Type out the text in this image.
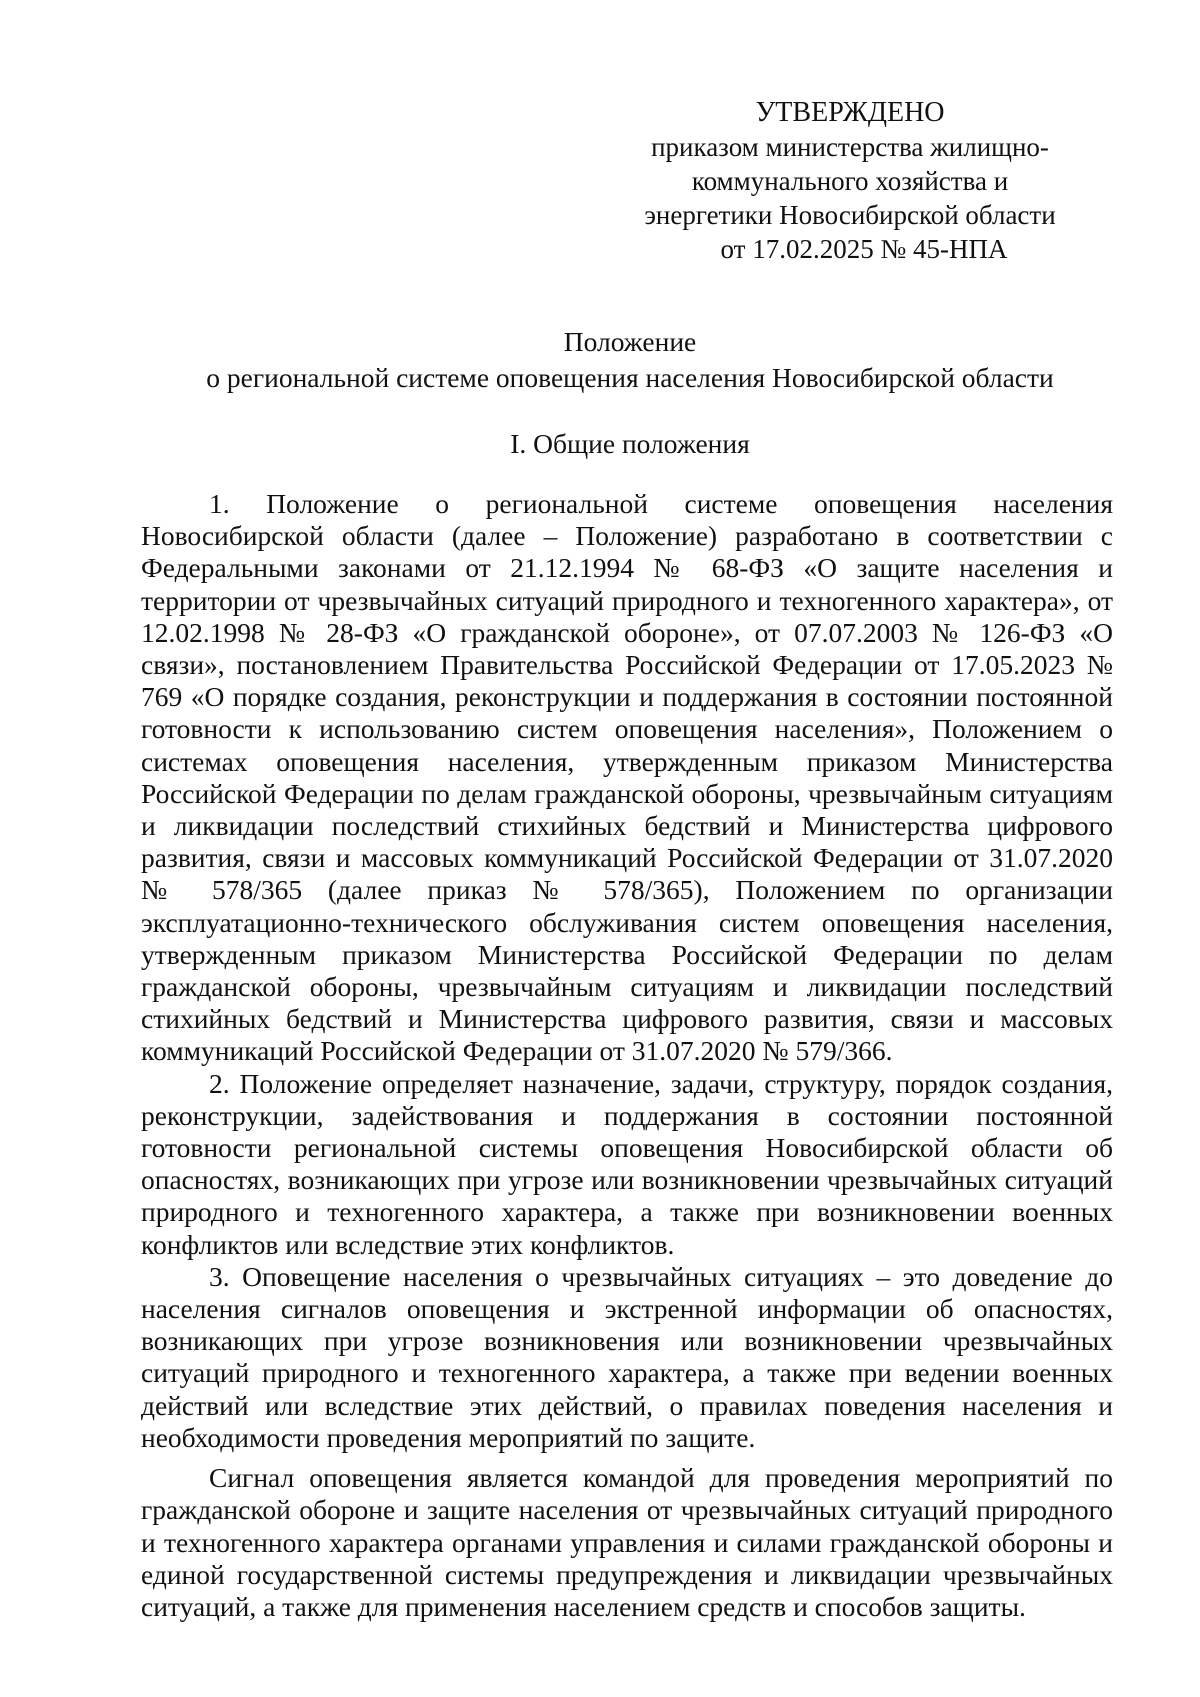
УТВЕРЖДЕНО
приказом министерства жилищно-
коммунального хозяйства и
энергетики Новосибирской области
от 17.02.2025 № 45-НПА
Положение
о региональной системе оповещения населения Новосибирской области
I. Общие положения

1. Положение о региональной системе оповещения населения Новосибирской области (далее – Положение) разработано в соответствии с Федеральными законами от 21.12.1994 № 68-ФЗ «О защите населения и территории от чрезвычайных ситуаций природного и техногенного характера», от 12.02.1998 № 28-ФЗ «О гражданской обороне», от 07.07.2003 № 126-ФЗ «О связи», постановлением Правительства Российской Федерации от 17.05.2023 № 769 «О порядке создания, реконструкции и поддержания в состоянии постоянной готовности к использованию систем оповещения населения», Положением о системах оповещения населения, утвержденным приказом Министерства Российской Федерации по делам гражданской обороны, чрезвычайным ситуациям и ликвидации последствий стихийных бедствий и Министерства цифрового развития, связи и массовых коммуникаций Российской Федерации от 31.07.2020 № 578/365 (далее приказ № 578/365), Положением по организации эксплуатационно-технического обслуживания систем оповещения населения, утвержденным приказом Министерства Российской Федерации по делам гражданской обороны, чрезвычайным ситуациям и ликвидации последствий стихийных бедствий и Министерства цифрового развития, связи и массовых коммуникаций Российской Федерации от 31.07.2020 № 579/366.

2. Положение определяет назначение, задачи, структуру, порядок создания, реконструкции, задействования и поддержания в состоянии постоянной готовности региональной системы оповещения Новосибирской области об опасностях, возникающих при угрозе или возникновении чрезвычайных ситуаций природного и техногенного характера, а также при возникновении военных конфликтов или вследствие этих конфликтов.

3. Оповещение населения о чрезвычайных ситуациях – это доведение до населения сигналов оповещения и экстренной информации об опасностях, возникающих при угрозе возникновения или возникновении чрезвычайных ситуаций природного и техногенного характера, а также при ведении военных действий или вследствие этих действий, о правилах поведения населения и необходимости проведения мероприятий по защите.

Сигнал оповещения является командой для проведения мероприятий по гражданской обороне и защите населения от чрезвычайных ситуаций природного и техногенного характера органами управления и силами гражданской обороны и единой государственной системы предупреждения и ликвидации чрезвычайных ситуаций, а также для применения населением средств и способов защиты.
